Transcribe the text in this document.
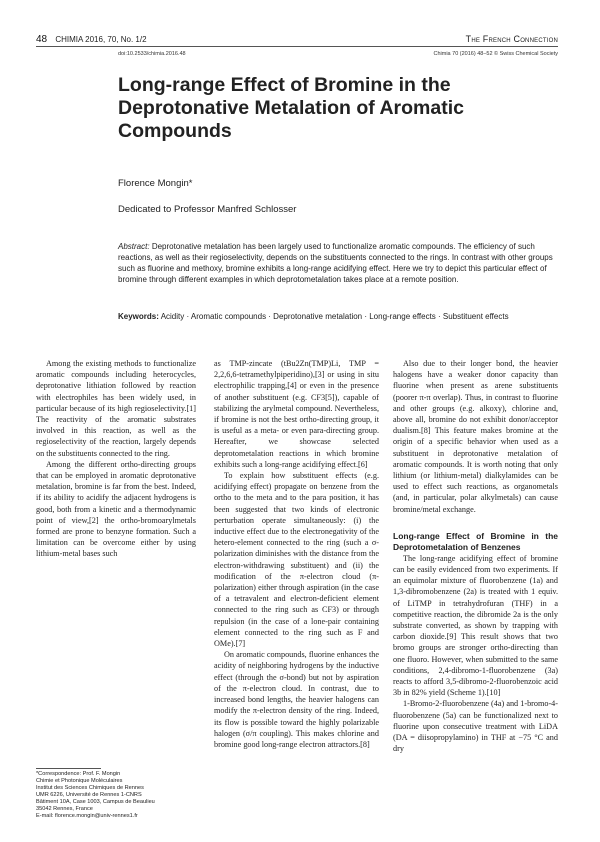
48 CHIMIA 2016, 70, No. 1/2	The French Connection
doi:10.2533/chimia.2016.48	Chimia 70 (2016) 48–52 © Swiss Chemical Society
Long-range Effect of Bromine in the Deprotonative Metalation of Aromatic Compounds
Florence Mongin*
Dedicated to Professor Manfred Schlosser

Abstract: Deprotonative metalation has been largely used to functionalize aromatic compounds. The efficiency of such reactions, as well as their regioselectivity, depends on the substituents connected to the rings. In contrast with other groups such as fluorine and methoxy, bromine exhibits a long-range acidifying effect. Here we try to depict this particular effect of bromine through different examples in which deprotometalation takes place at a remote position.

Keywords: Acidity · Aromatic compounds · Deprotonative metalation · Long-range effects · Substituent effects

Among the existing methods to functionalize aromatic compounds including heterocycles, deprotonative lithiation followed by reaction with electrophiles has been widely used, in particular because of its high regioselectivity.[1] The reactivity of the aromatic substrates involved in this reaction, as well as the regioselectivity of the reaction, largely depends on the substituents connected to the ring.

Among the different ortho-directing groups that can be employed in aromatic deprotonative metalation, bromine is far from the best. Indeed, if its ability to acidify the adjacent hydrogens is good, both from a kinetic and a thermodynamic point of view,[2] the ortho-bromoarylmetals formed are prone to benzyne formation. Such a limitation can be overcome either by using lithium-metal bases such

as TMP-zincate (tBu2Zn(TMP)Li, TMP = 2,2,6,6-tetramethylpiperidino),[3] or using in situ electrophilic trapping,[4] or even in the presence of another substituent (e.g. CF3[5]), capable of stabilizing the arylmetal compound. Nevertheless, if bromine is not the best ortho-directing group, it is useful as a meta- or even para-directing group. Hereafter, we showcase selected deprotometalation reactions in which bromine exhibits such a long-range acidifying effect.[6]

To explain how substituent effects (e.g. acidifying effect) propagate on benzene from the ortho to the meta and to the para position, it has been suggested that two kinds of electronic perturbation operate simultaneously: (i) the inductive effect due to the electronegativity of the hetero-element connected to the ring (such a σ-polarization diminishes with the distance from the electron-withdrawing substituent) and (ii) the modification of the π-electron cloud (π-polarization) either through aspiration (in the case of a tetravalent and electron-deficient element connected to the ring such as CF3) or through repulsion (in the case of a lone-pair containing element connected to the ring such as F and OMe).[7]

On aromatic compounds, fluorine enhances the acidity of neighboring hydrogens by the inductive effect (through the σ-bond) but not by aspiration of the π-electron cloud. In contrast, due to increased bond lengths, the heavier halogens can modify the π-electron density of the ring. Indeed, its flow is possible toward the highly polarizable halogen (σ/π coupling). This makes chlorine and bromine good long-range electron attractors.[8]

Also due to their longer bond, the heavier halogens have a weaker donor capacity than fluorine when present as arene substituents (poorer π-π overlap). Thus, in contrast to fluorine and other groups (e.g. alkoxy), chlorine and, above all, bromine do not exhibit donor/acceptor dualism.[8] This feature makes bromine at the origin of a specific behavior when used as a substituent in deprotonative metalation of aromatic compounds. It is worth noting that only lithium (or lithium-metal) dialkylamides can be used to effect such reactions, as organometals (and, in particular, polar alkylmetals) can cause bromine/metal exchange.

Long-range Effect of Bromine in the Deprotometalation of Benzenes

The long-range acidifying effect of bromine can be easily evidenced from two experiments. If an equimolar mixture of fluorobenzene (1a) and 1,3-dibromobenzene (2a) is treated with 1 equiv. of LiTMP in tetrahydrofuran (THF) in a competitive reaction, the dibromide 2a is the only substrate converted, as shown by trapping with carbon dioxide.[9] This result shows that two bromo groups are stronger ortho-directing than one fluoro. However, when submitted to the same conditions, 2,4-dibromo-1-fluorobenzene (3a) reacts to afford 3,5-dibromo-2-fluorobenzoic acid 3b in 82% yield (Scheme 1).[10]

1-Bromo-2-fluorobenzene (4a) and 1-bromo-4-fluorobenzene (5a) can be functionalized next to fluorine upon consecutive treatment with LiDA (DA = diisopropylamino) in THF at −75 °C and dry

*Correspondence: Prof. F. Mongin
Chimie et Photonique Moléculaires
Institut des Sciences Chimiques de Rennes
UMR 6226, Université de Rennes 1-CNRS
Bâtiment 10A, Case 1003, Campus de Beaulieu
35042 Rennes, France
E-mail: florence.mongin@univ-rennes1.fr
